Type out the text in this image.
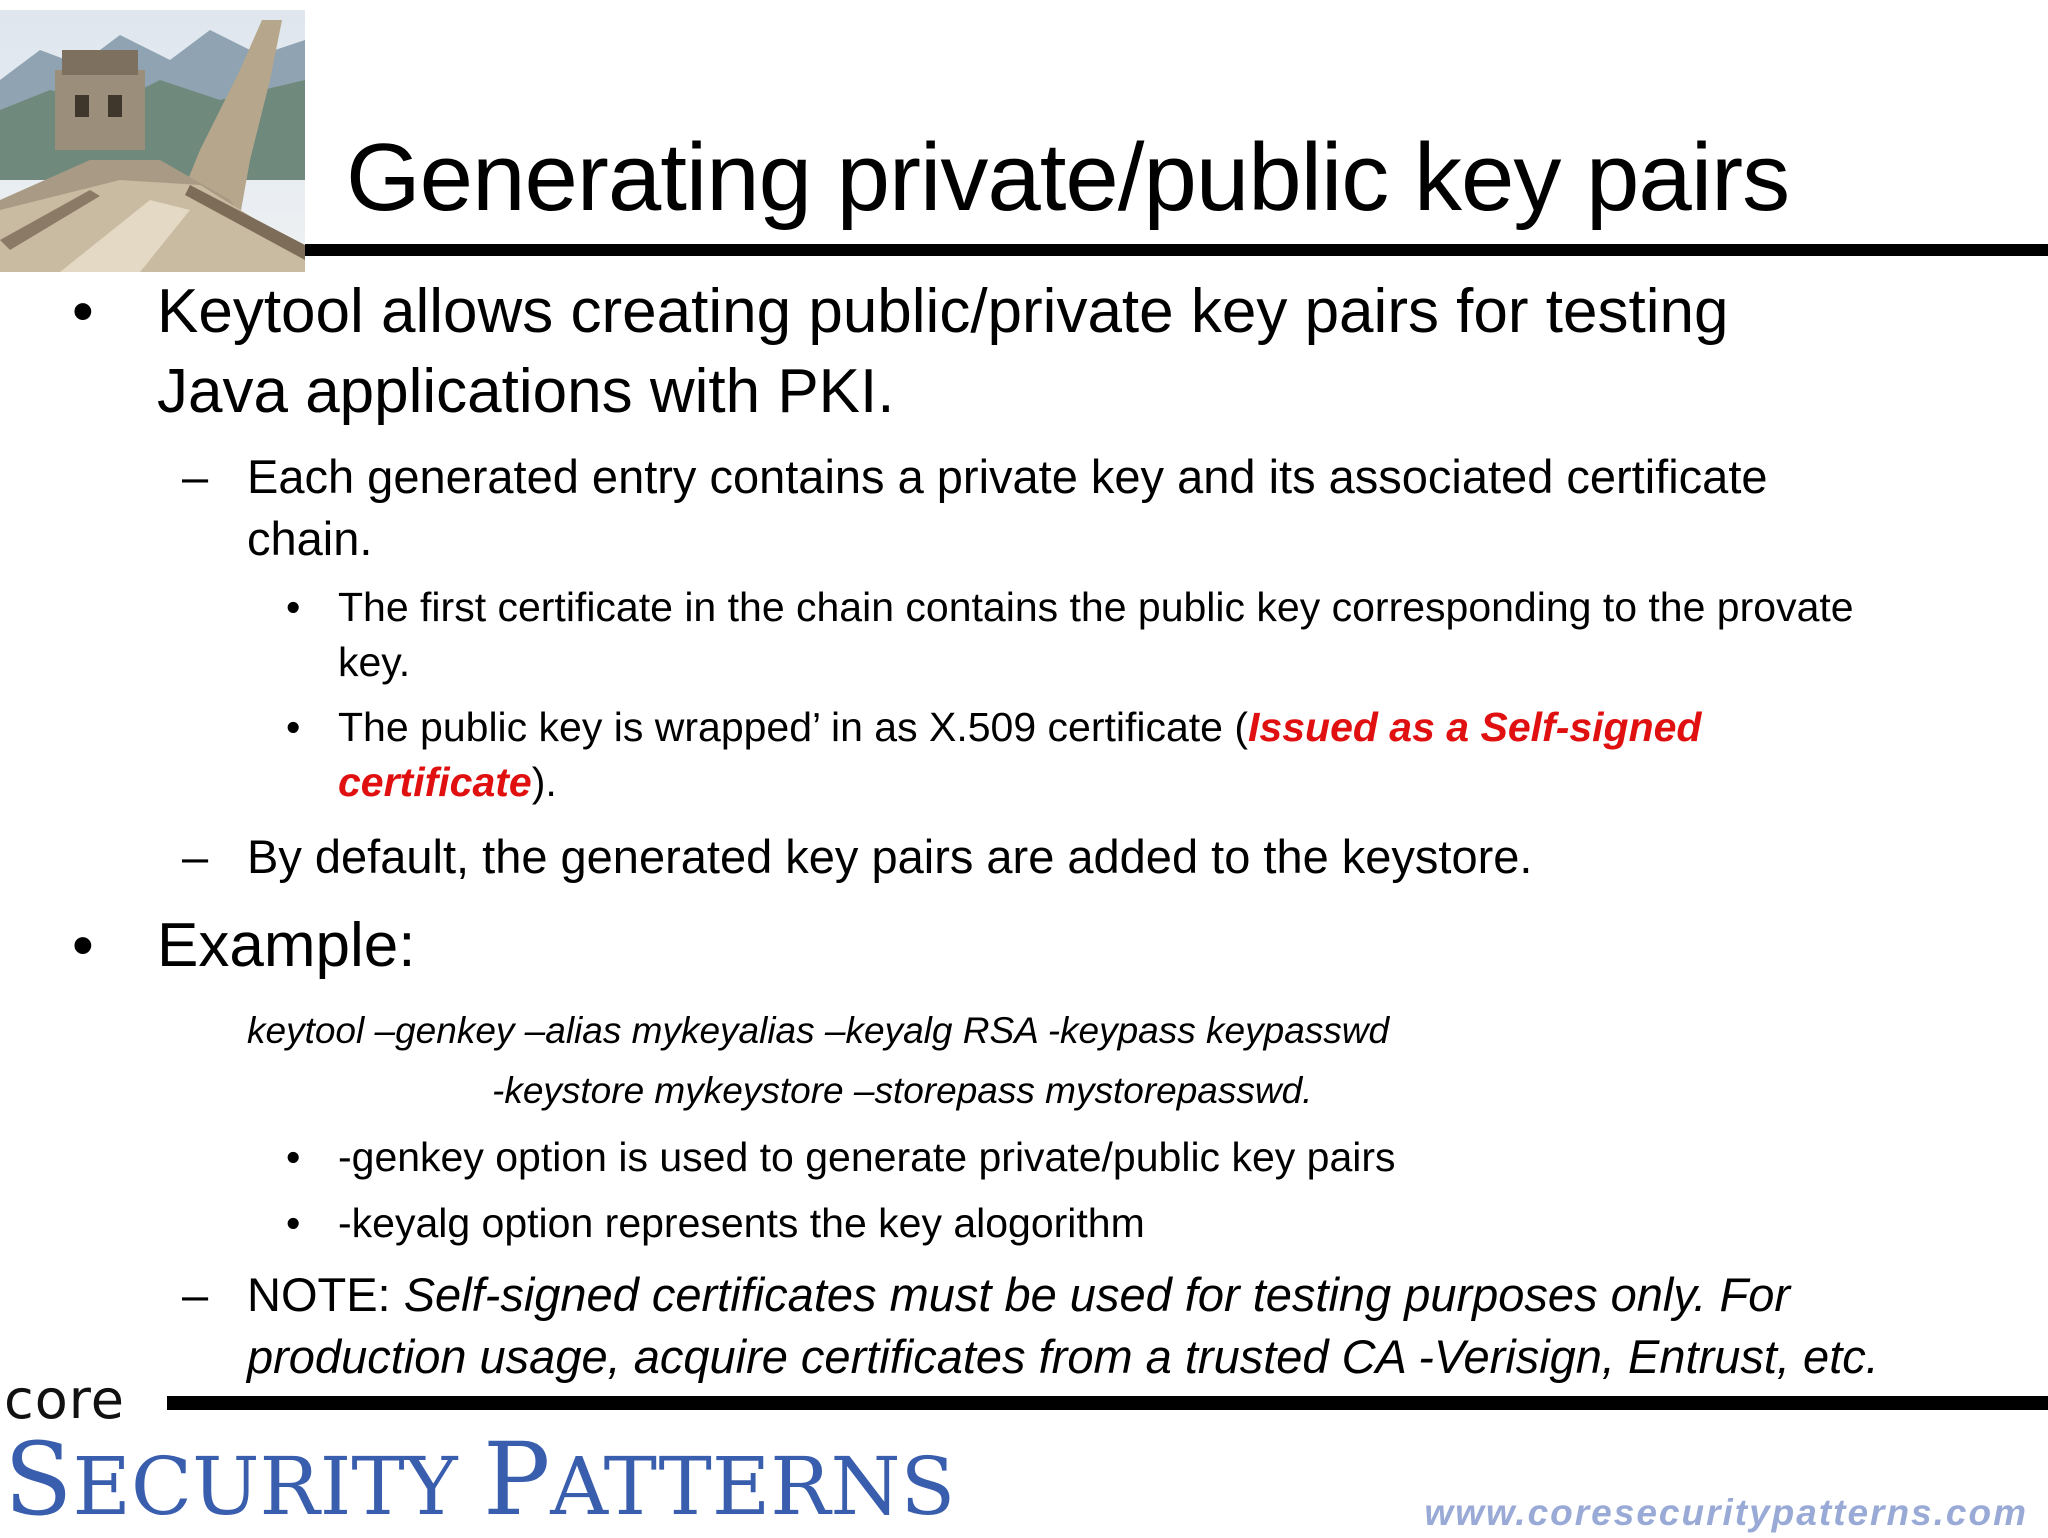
Generating private/public key pairs
• Keytool allows creating public/private key pairs for testing
Java applications with PKI.
– Each generated entry contains a private key and its associated certificate
chain.
• The first certificate in the chain contains the public key corresponding to the provate
key.
• The public key is wrapped’ in as X.509 certificate (Issued as a Self-signed
certificate).
– By default, the generated key pairs are added to the keystore.
• Example:
keytool –genkey –alias mykeyalias –keyalg RSA -keypass keypasswd
-keystore mykeystore –storepass mystorepasswd.
• -genkey option is used to generate private/public key pairs
• -keyalg option represents the key alogorithm
– NOTE: Self-signed certificates must be used for testing purposes only. For
production usage, acquire certificates from a trusted CA -Verisign, Entrust, etc.
core
SECURITY PATTERNS	www.coresecuritypatterns.com
